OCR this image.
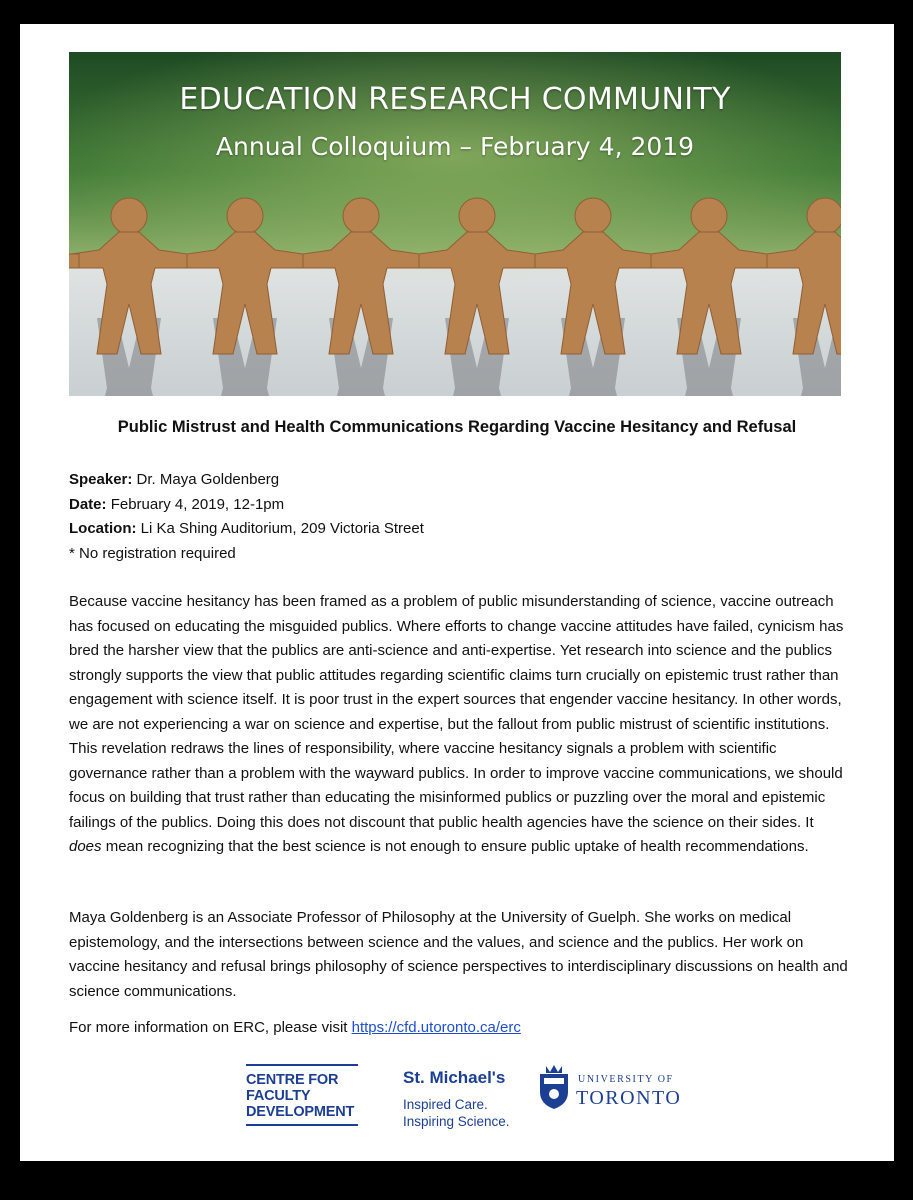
EDUCATION RESEARCH COMMUNITY
Annual Colloquium – February 4, 2019
Public Mistrust and Health Communications Regarding Vaccine Hesitancy and Refusal
Speaker: Dr. Maya Goldenberg
Date: February 4, 2019, 12-1pm
Location: Li Ka Shing Auditorium, 209 Victoria Street
* No registration required

Because vaccine hesitancy has been framed as a problem of public misunderstanding of science, vaccine outreach has focused on educating the misguided publics. Where efforts to change vaccine attitudes have failed, cynicism has bred the harsher view that the publics are anti-science and anti-expertise. Yet research into science and the publics strongly supports the view that public attitudes regarding scientific claims turn crucially on epistemic trust rather than engagement with science itself. It is poor trust in the expert sources that engender vaccine hesitancy. In other words, we are not experiencing a war on science and expertise, but the fallout from public mistrust of scientific institutions. This revelation redraws the lines of responsibility, where vaccine hesitancy signals a problem with scientific governance rather than a problem with the wayward publics. In order to improve vaccine communications, we should focus on building that trust rather than educating the misinformed publics or puzzling over the moral and epistemic failings of the publics. Doing this does not discount that public health agencies have the science on their sides. It does mean recognizing that the best science is not enough to ensure public uptake of health recommendations.

Maya Goldenberg is an Associate Professor of Philosophy at the University of Guelph. She works on medical epistemology, and the intersections between science and the values, and science and the publics. Her work on vaccine hesitancy and refusal brings philosophy of science perspectives to interdisciplinary discussions on health and science communications.

For more information on ERC, please visit https://cfd.utoronto.ca/erc

CENTRE FOR
FACULTY
DEVELOPMENT
St. Michael's
Inspired Care.
Inspiring Science.
UNIVERSITY OF
TORONTO
